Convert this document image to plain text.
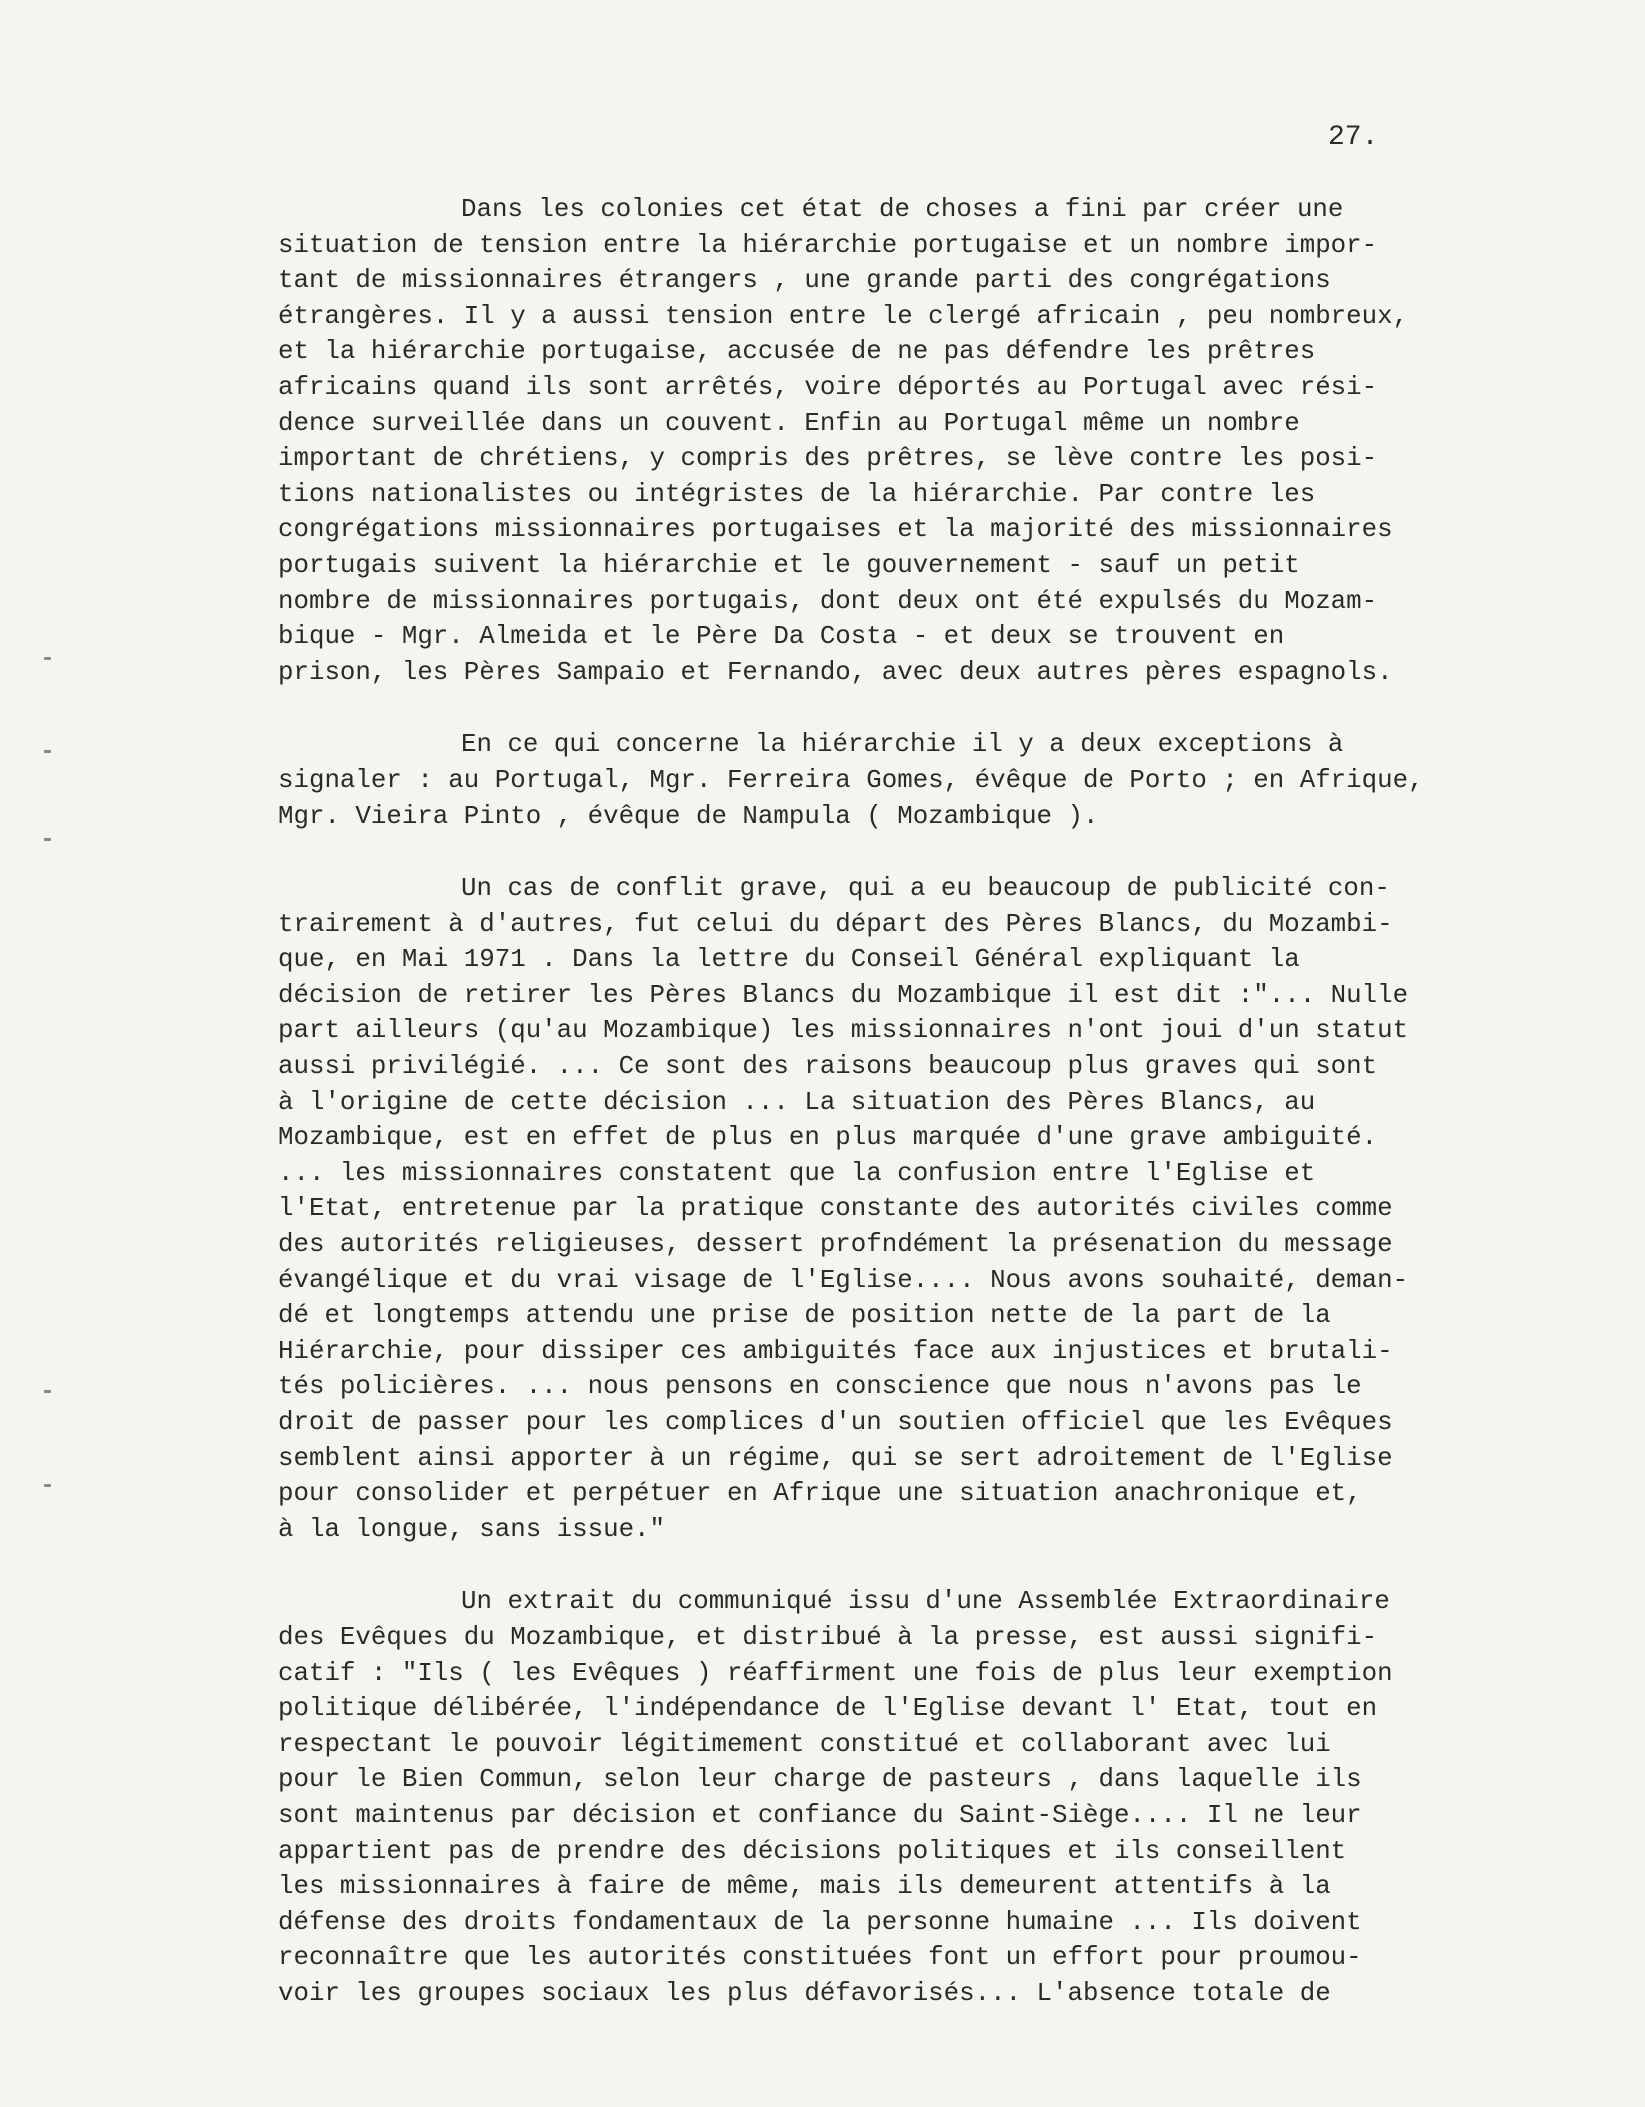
27.
Dans les colonies cet état de choses a fini par créer une
situation de tension entre la hiérarchie portugaise et un nombre impor-
tant de missionnaires étrangers , une grande parti des congrégations
étrangères. Il y a aussi tension entre le clergé africain , peu nombreux,
et la hiérarchie portugaise, accusée de ne pas défendre les prêtres
africains quand ils sont arrêtés, voire déportés au Portugal avec rési-
dence surveillée dans un couvent. Enfin au Portugal même un nombre
important de chrétiens, y compris des prêtres, se lève contre les posi-
tions nationalistes ou intégristes de la hiérarchie. Par contre les
congrégations missionnaires portugaises et la majorité des missionnaires
portugais suivent la hiérarchie et le gouvernement - sauf un petit
nombre de missionnaires portugais, dont deux ont été expulsés du Mozam-
bique - Mgr. Almeida et le Père Da Costa - et deux se trouvent en
prison, les Pères Sampaio et Fernando, avec deux autres pères espagnols.
En ce qui concerne la hiérarchie il y a deux exceptions à
signaler : au Portugal, Mgr. Ferreira Gomes, évêque de Porto ; en Afrique,
Mgr. Vieira Pinto , évêque de Nampula ( Mozambique ).
Un cas de conflit grave, qui a eu beaucoup de publicité con-
trairement à d'autres, fut celui du départ des Pères Blancs, du Mozambi-
que, en Mai 1971 . Dans la lettre du Conseil Général expliquant la
décision de retirer les Pères Blancs du Mozambique il est dit :"... Nulle
part ailleurs (qu'au Mozambique) les missionnaires n'ont joui d'un statut
aussi privilégié. ... Ce sont des raisons beaucoup plus graves qui sont
à l'origine de cette décision ... La situation des Pères Blancs, au
Mozambique, est en effet de plus en plus marquée d'une grave ambiguité.
... les missionnaires constatent que la confusion entre l'Eglise et
l'Etat, entretenue par la pratique constante des autorités civiles comme
des autorités religieuses, dessert profndément la présenation du message
évangélique et du vrai visage de l'Eglise.... Nous avons souhaité, deman-
dé et longtemps attendu une prise de position nette de la part de la
Hiérarchie, pour dissiper ces ambiguités face aux injustices et brutali-
tés policières. ... nous pensons en conscience que nous n'avons pas le
droit de passer pour les complices d'un soutien officiel que les Evêques
semblent ainsi apporter à un régime, qui se sert adroitement de l'Eglise
pour consolider et perpétuer en Afrique une situation anachronique et,
à la longue, sans issue."
Un extrait du communiqué issu d'une Assemblée Extraordinaire
des Evêques du Mozambique, et distribué à la presse, est aussi signifi-
catif : "Ils ( les Evêques ) réaffirment une fois de plus leur exemption
politique délibérée, l'indépendance de l'Eglise devant l' Etat, tout en
respectant le pouvoir légitimement constitué et collaborant avec lui
pour le Bien Commun, selon leur charge de pasteurs , dans laquelle ils
sont maintenus par décision et confiance du Saint-Siège.... Il ne leur
appartient pas de prendre des décisions politiques et ils conseillent
les missionnaires à faire de même, mais ils demeurent attentifs à la
défense des droits fondamentaux de la personne humaine ... Ils doivent
reconnaître que les autorités constituées font un effort pour proumou-
voir les groupes sociaux les plus défavorisés... L'absence totale de
